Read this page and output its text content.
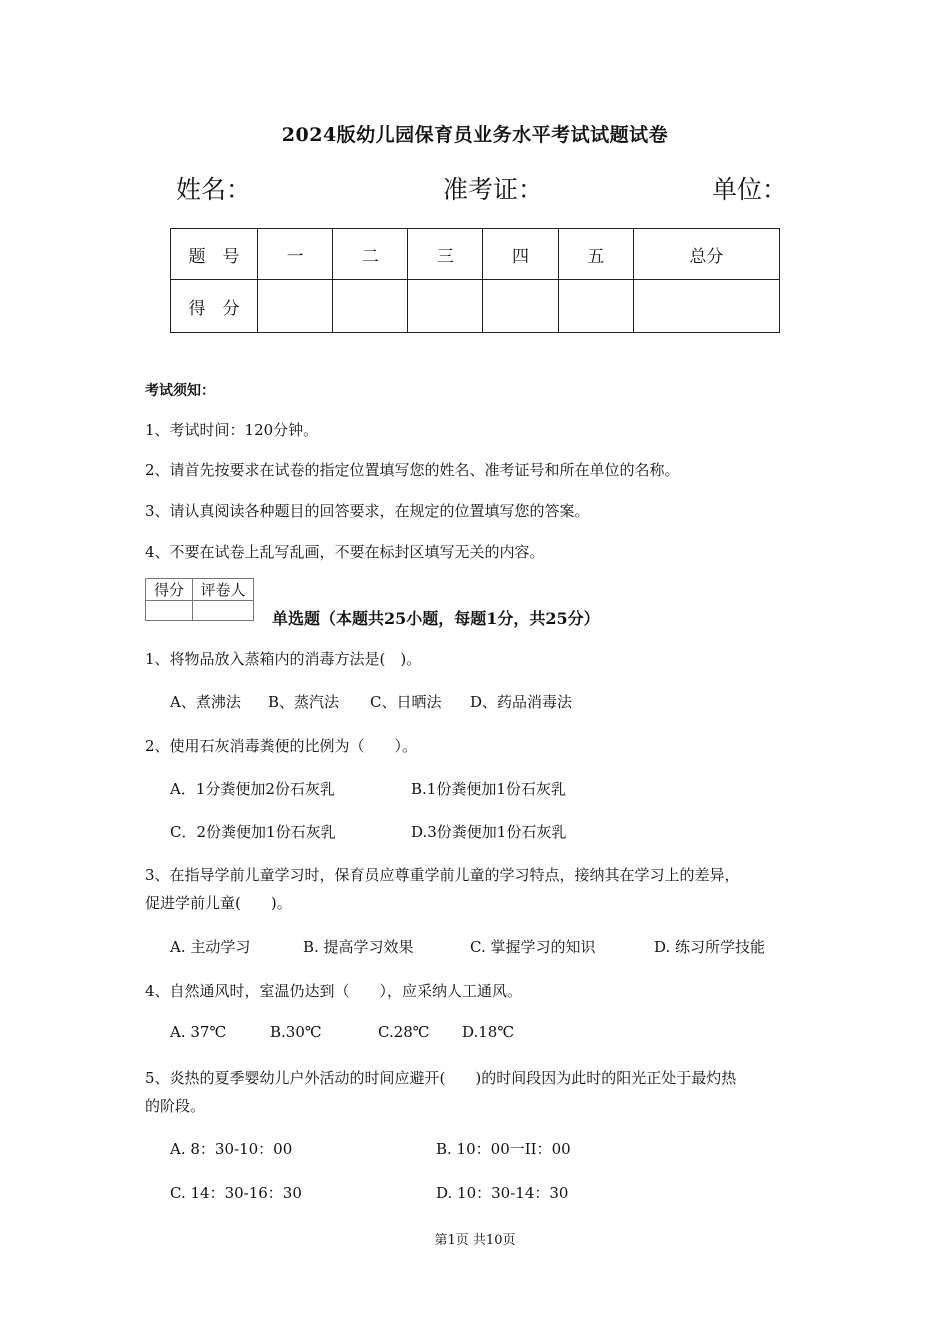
2024版幼儿园保育员业务水平考试试题试卷
姓名：	准考证：	单位：
题　号	一	二	三	四	五	总分
得　分						
考试须知：
1、考试时间：120分钟。
2、请首先按要求在试卷的指定位置填写您的姓名、准考证号和所在单位的名称。
3、请认真阅读各种题目的回答要求，在规定的位置填写您的答案。
4、不要在试卷上乱写乱画，不要在标封区填写无关的内容。
得分	评卷人

单选题（本题共25小题，每题1分，共25分）
1、将物品放入蒸箱内的消毒方法是(　)。
A、煮沸法 B、蒸汽法 C、日晒法 D、药品消毒法
2、使用石灰消毒粪便的比例为（　　）。
A．1分粪便加2份石灰乳	B.1份粪便加1份石灰乳
C．2份粪便加1份石灰乳	D.3份粪便加1份石灰乳
3、在指导学前儿童学习时，保育员应尊重学前儿童的学习特点，接纳其在学习上的差异，
促进学前儿童(　　)。
A. 主动学习	B. 提高学习效果	C. 掌握学习的知识	D. 练习所学技能
4、自然通风时，室温仍达到（　　），应采纳人工通风。
A. 37℃	B.30℃	C.28℃ D.18℃
5、炎热的夏季婴幼儿户外活动的时间应避开(　　)的时间段因为此时的阳光正处于最灼热
的阶段。
A. 8：30-10：00	B. 10：00一II：00
C. 14：30-16：30	D. 10：30-14：30
第1页 共10页
